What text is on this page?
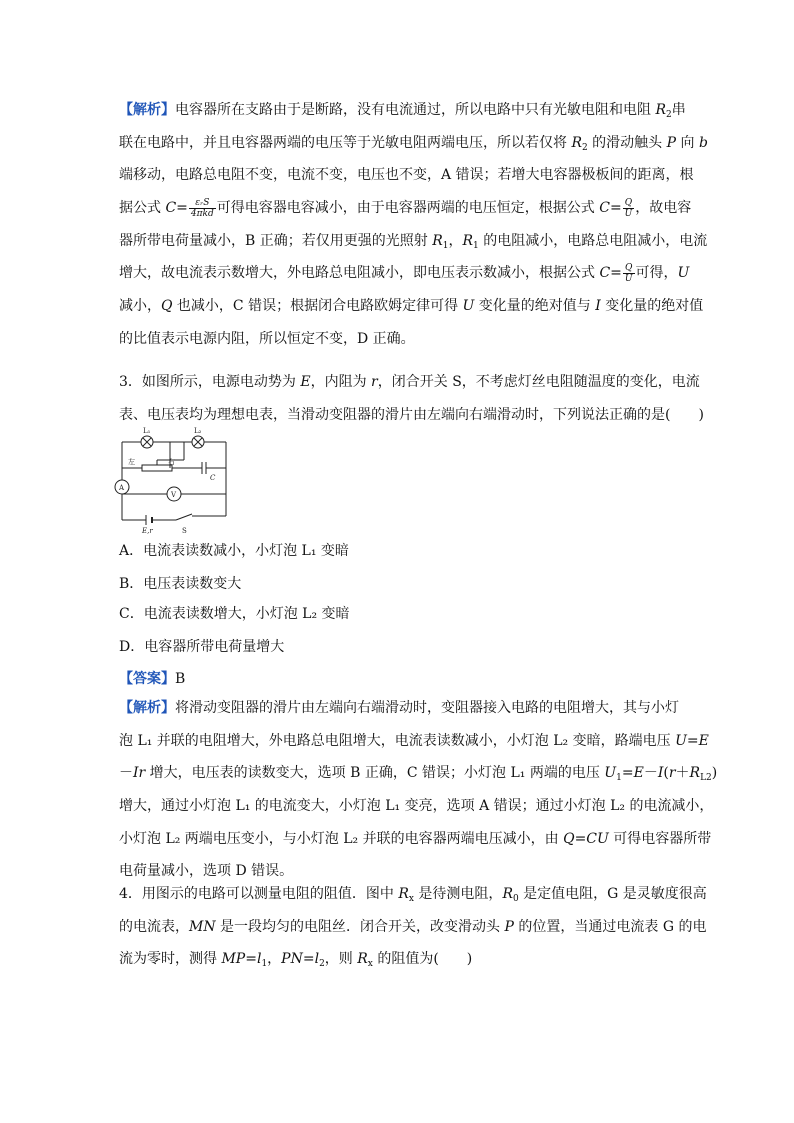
【解析】电容器所在支路由于是断路，没有电流通过，所以电路中只有光敏电阻和电阻 $R_2$串
联在电路中，并且电容器两端的电压等于光敏电阻两端电压，所以若仅将 $R_2$ 的滑动触头 P 向 b
端移动，电路总电阻不变，电流不变，电压也不变，A 错误；若增大电容器极板间的距离，根
据公式 $C= \frac{\text{εᵣS}}{\text{4πkd}}$ 可得电容器电容减小，由于电容器两端的电压恒定，根据公式 $C= \frac{Q}{U}$ ，故电容
器所带电荷量减小，B 正确；若仅用更强的光照射 $R_1$，$R_1$ 的电阻减小，电路总电阻减小，电流
增大，故电流表示数增大，外电路总电阻减小，即电压表示数减小，根据公式 $C= \frac{Q}{U}$ 可得，U
减小，Q 也减小，C 错误；根据闭合电路欧姆定律可得 U 变化量的绝对值与 I 变化量的绝对值
的比值表示电源内阻，所以恒定不变，D 正确。
3．如图所示，电源电动势为 E，内阻为 r，闭合开关 S，不考虑灯丝电阻随温度的变化，电流
表、电压表均为理想电表，当滑动变阻器的滑片由左端向右端滑动时，下列说法正确的是(　　)
L₁	L₂
左	右
C
A
V
E,r	S
A．电流表读数减小，小灯泡 L₁ 变暗
B．电压表读数变大
C．电流表读数增大，小灯泡 L₂ 变暗
D．电容器所带电荷量增大
【答案】B
【解析】将滑动变阻器的滑片由左端向右端滑动时，变阻器接入电路的电阻增大，其与小灯
泡 L₁ 并联的电阻增大，外电路总电阻增大，电流表读数减小，小灯泡 L₂ 变暗，路端电压 U=E
－Ir 增大，电压表的读数变大，选项 B 正确，C 错误；小灯泡 L₁ 两端的电压 $U_1=E-I(r+R_{L2})$
增大，通过小灯泡 L₁ 的电流变大，小灯泡 L₁ 变亮，选项 A 错误；通过小灯泡 L₂ 的电流减小，
小灯泡 L₂ 两端电压变小，与小灯泡 L₂ 并联的电容器两端电压减小，由 Q=CU 可得电容器所带
电荷量减小，选项 D 错误。
4．用图示的电路可以测量电阻的阻值．图中 $R_x$ 是待测电阻，$R_0$ 是定值电阻，G 是灵敏度很高
的电流表，MN 是一段均匀的电阻丝．闭合开关，改变滑动头 P 的位置，当通过电流表 G 的电
流为零时，测得 $MP=l_1$，$PN=l_2$，则 $R_x$ 的阻值为(　　)
